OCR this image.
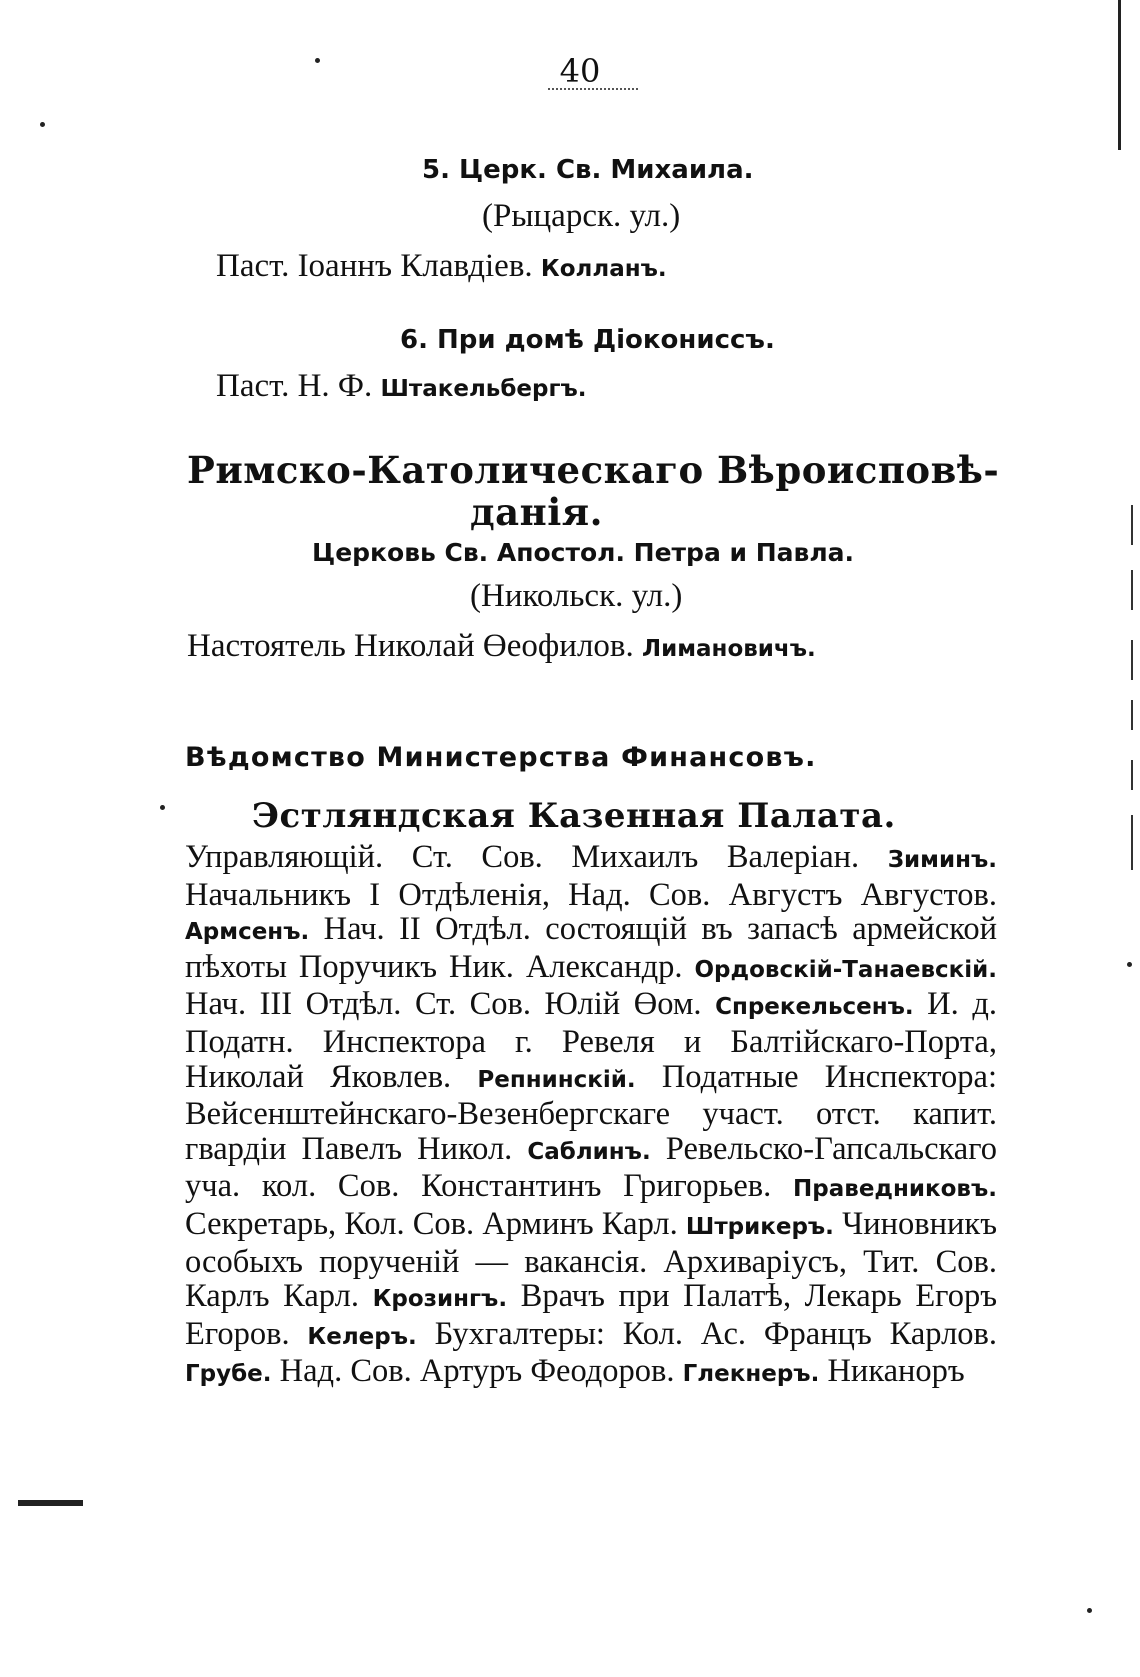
40
5. Церк. Св. Михаила.
(Рыцарск. ул.)
Паст. Іоаннъ Клавдiев. Колланъ.
6. При домѣ Діокониссъ.
Паст. Н. Ф. Штакельбергъ.
Римско-Католическаго Вѣроисповѣ-
данія.
Церковь Св. Апостол. Петра и Павла.
(Никольск. ул.)
Настоятель Николай Өеофилов. Лимановичъ.
Вѣдомство Министерства Финансовъ.
Эстляндская Казенная Палата.
Управляющій. Ст. Сов. Михаилъ Валеріан. Зиминъ. Начальникъ I Отдѣленія, Над. Сов. Августъ Августов. Армсенъ. Нач. II Отдѣл. состоящій въ запасѣ армейской пѣхоты Поручикъ Ник. Александр. Ордовскій-Танаевскій. Нач. III Отдѣл. Ст. Сов. Юлій Өом. Спрекельсенъ. И. д. Податн. Инспектора г. Ревеля и Балтійскаго-Порта, Николай Яковлев. Репнинскій. Податные Инспектора: Вейсенштейнскаго-Везенбергскаге участ. отст. капит. гвардіи Павелъ Никол. Саблинъ. Ревельско-Гапсальскаго уча. кол. Сов. Константинъ Григорьев. Праведниковъ. Секретарь, Кол. Сов. Арминъ Карл. Штрикеръ. Чиновникъ особыхъ порученій — вакансія. Архиваріусъ, Тит. Сов. Карлъ Карл. Крозингъ. Врачъ при Палатѣ, Лекарь Егоръ Егоров. Келеръ. Бухгалтеры: Кол. Ас. Францъ Карлов. Грубе. Над. Сов. Артуръ Феодоров. Глекнеръ. Никаноръ
